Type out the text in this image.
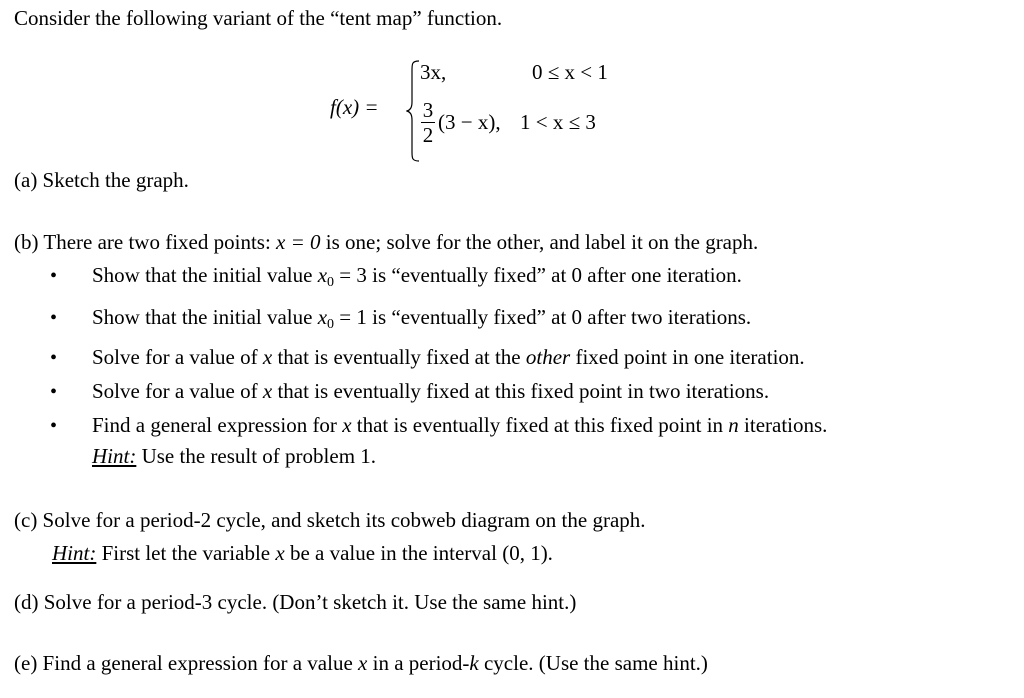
Consider the following variant of the “tent map” function.
f(x) =
3x,	0 ≤ x < 1
3
2
(3 − x), 1 < x ≤ 3
(a) Sketch the graph.
(b) There are two fixed points: x = 0 is one; solve for the other, and label it on the graph.
• Show that the initial value $x_0 = 3$ is “eventually fixed” at 0 after one iteration.
• Show that the initial value $x_0 = 1$ is “eventually fixed” at 0 after two iterations.
• Solve for a value of x that is eventually fixed at the other fixed point in one iteration.
• Solve for a value of x that is eventually fixed at this fixed point in two iterations.
• Find a general expression for x that is eventually fixed at this fixed point in n iterations.
Hint: Use the result of problem 1.
(c) Solve for a period-2 cycle, and sketch its cobweb diagram on the graph.
Hint: First let the variable x be a value in the interval (0, 1).
(d) Solve for a period-3 cycle. (Don’t sketch it. Use the same hint.)
(e) Find a general expression for a value x in a period-k cycle. (Use the same hint.)
